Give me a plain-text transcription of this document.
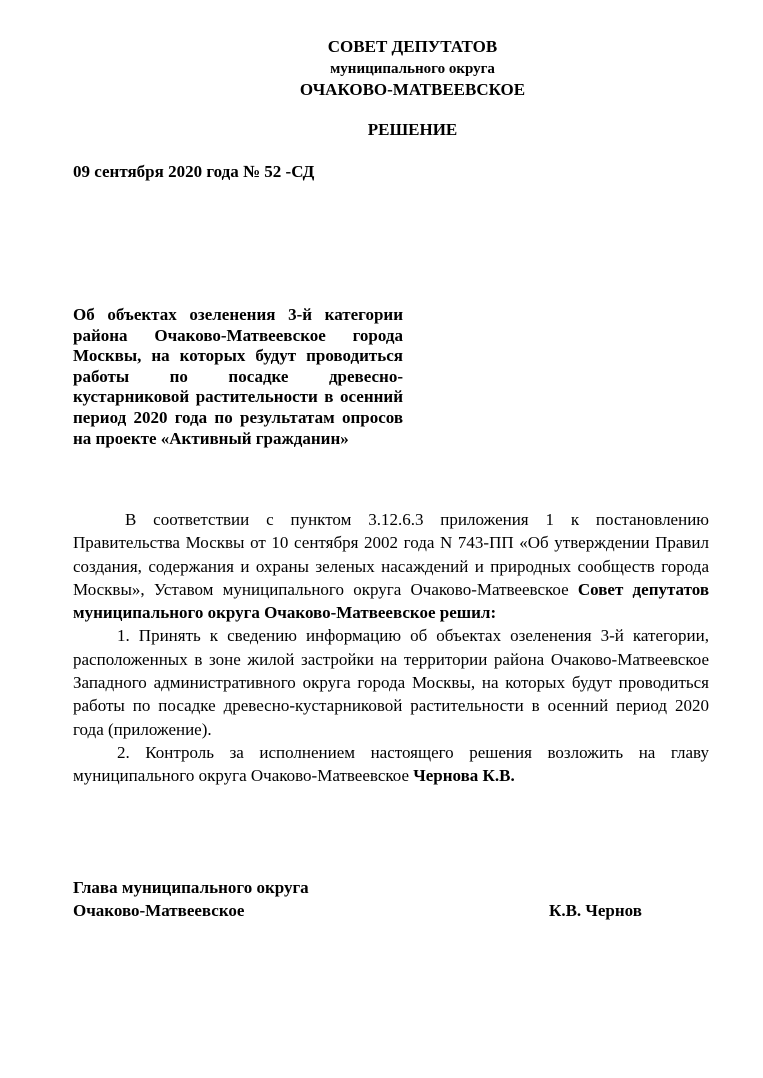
СОВЕТ ДЕПУТАТОВ
муниципального округа
ОЧАКОВО-МАТВЕЕВСКОЕ
РЕШЕНИЕ
09 сентября 2020 года № 52 -СД
Об объектах озеленения 3-й категории района Очаково-Матвеевское города Москвы, на которых будут проводиться работы по посадке древесно-кустарниковой растительности в осенний период 2020 года по результатам опросов на проекте «Активный гражданин»

В соответствии с пунктом 3.12.6.3 приложения 1 к постановлению Правительства Москвы от 10 сентября 2002 года N 743-ПП «Об утверждении Правил создания, содержания и охраны зеленых насаждений и природных сообществ города Москвы», Уставом муниципального округа Очаково-Матвеевское Совет депутатов муниципального округа Очаково-Матвеевское решил:

1. Принять к сведению информацию об объектах озеленения 3-й категории, расположенных в зоне жилой застройки на территории района Очаково-Матвеевское Западного административного округа города Москвы, на которых будут проводиться работы по посадке древесно-кустарниковой растительности в осенний период 2020 года (приложение).

2. Контроль за исполнением настоящего решения возложить на главу муниципального округа Очаково-Матвеевское Чернова К.В.

Глава муниципального округа
Очаково-Матвеевское	К.В. Чернов
